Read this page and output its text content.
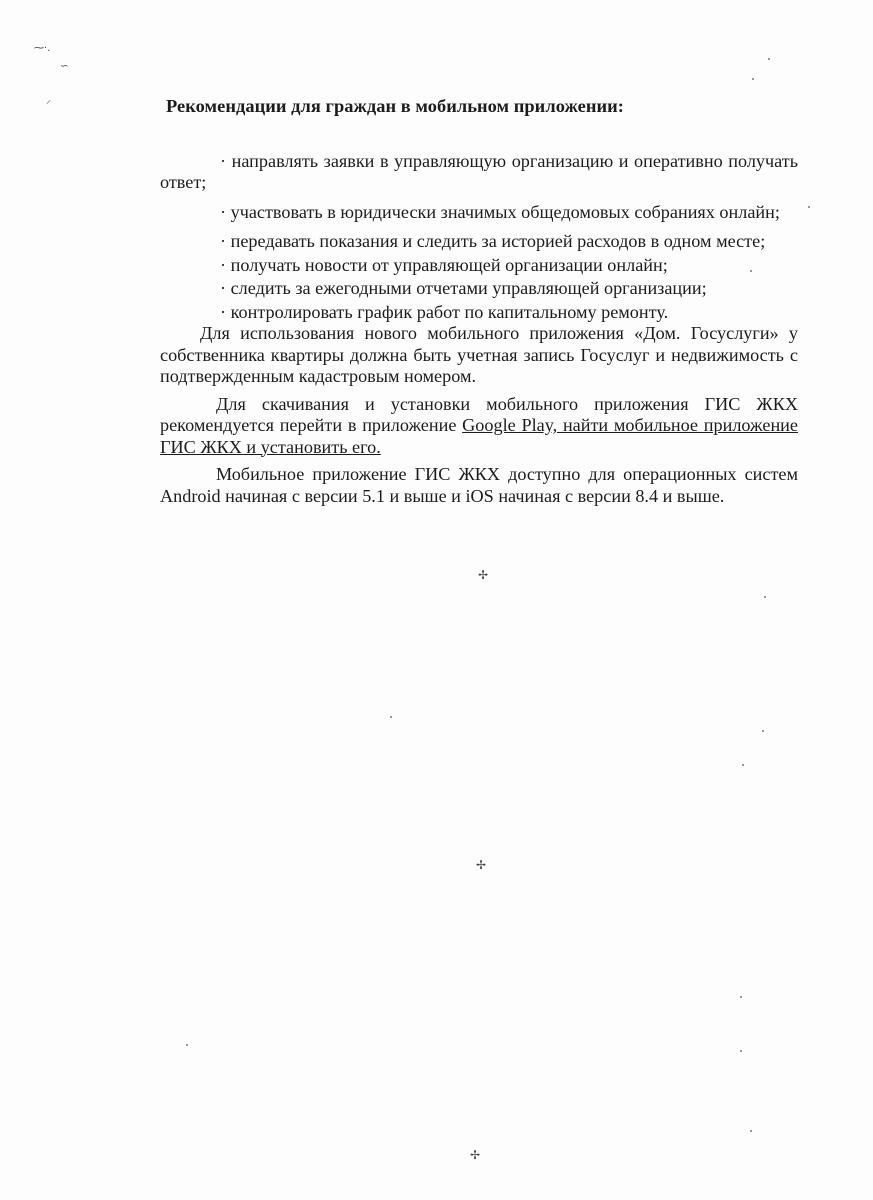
⁓·.
∽
⸝
✢
✢
✢

Рекомендации для граждан в мобильном приложении:

· направлять заявки в управляющую организацию и оперативно получать ответ;

· участвовать в юридически значимых общедомовых собраниях онлайн;

· передавать показания и следить за историей расходов в одном месте;

· получать новости от управляющей организации онлайн;

· следить за ежегодными отчетами управляющей организации;

· контролировать график работ по капитальному ремонту.

Для использования нового мобильного приложения «Дом. Госуслуги» у собственника квартиры должна быть учетная запись Госуслуг и недвижимость с подтвержденным кадастровым номером.

Для скачивания и установки мобильного приложения ГИС ЖКХ рекомендуется перейти в приложение Google Play, найти мобильное приложение ГИС ЖКХ и установить его.

Мобильное приложение ГИС ЖКХ доступно для операционных систем Android начиная с версии 5.1 и выше и iOS начиная с версии 8.4 и выше.
